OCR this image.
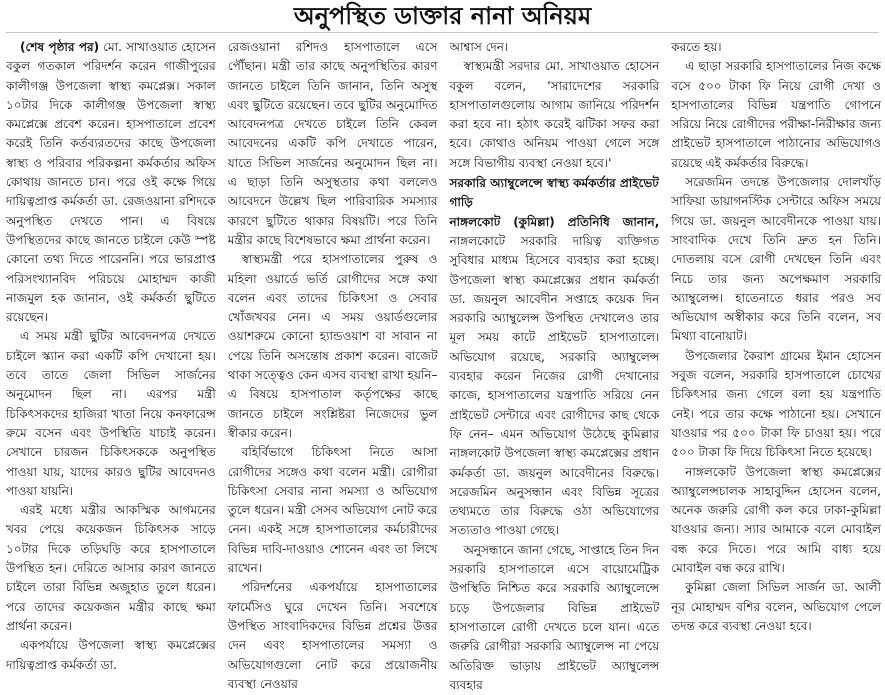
অনুপস্থিত ডাক্তার নানা অনিয়ম

(শেষ পৃষ্ঠার পর) মো. সাখাওয়াত হোসেন বকুল গতকাল পরিদর্শন করেন গাজীপুরের কালীগঞ্জ উপজেলা স্বাস্থ্য কমপ্লেক্স। সকাল ১০টার দিকে কালীগঞ্জ উপজেলা স্বাস্থ্য কমপ্লেক্সে প্রবেশ করেন। হাসপাতালে প্রবেশ করেই তিনি কর্তব্যরতদের কাছে উপজেলা স্বাস্থ্য ও পরিবার পরিকল্পনা কর্মকর্তার অফিস কোথায় জানতে চান। পরে ওই কক্ষে গিয়ে দায়িত্বপ্রাপ্ত কর্মকর্তা ডা. রেজওয়ানা রশিদকে অনুপস্থিত দেখতে পান। এ বিষয়ে উপস্থিতদের কাছে জানতে চাইলে কেউ স্পষ্ট কোনো তথ্য দিতে পারেননি। পরে ভারপ্রাপ্ত পরিসংখ্যানবিদ পরিচয়ে মোহাম্মদ কাজী নাজমুল হক জানান, ওই কর্মকর্তা ছুটিতে রয়েছেন।

এ সময় মন্ত্রী ছুটির আবেদনপত্র দেখতে চাইলে স্ক্যান করা একটি কপি দেখানো হয়। তবে তাতে জেলা সিভিল সার্জনের অনুমোদন ছিল না। এরপর মন্ত্রী চিকিৎসকদের হাজিরা খাতা নিয়ে কনফারেন্স রুমে বসেন এবং উপস্থিতি যাচাই করেন। সেখানে চারজন চিকিৎসককে অনুপস্থিত পাওয়া যায়, যাদের কারও ছুটির আবেদনও পাওয়া যায়নি।

এরই মধ্যে মন্ত্রীর আকস্মিক আগমনের খবর পেয়ে কয়েকজন চিকিৎসক সাড়ে ১০টার দিকে তড়িঘড়ি করে হাসপাতালে উপস্থিত হন। দেরিতে আসার কারণ জানতে চাইলে তারা বিভিন্ন অজুহাত তুলে ধরেন। পরে তাদের কয়েকজন মন্ত্রীর কাছে ক্ষমা প্রার্থনা করেন।

একপর্যায়ে উপজেলা স্বাস্থ্য কমপ্লেক্সের দায়িত্বপ্রাপ্ত কর্মকর্তা ডা.

রেজওয়ানা রশিদও হাসপাতালে এসে পৌঁছান। মন্ত্রী তার কাছে অনুপস্থিতির কারণ জানতে চাইলে তিনি জানান, তিনি অসুস্থ এবং ছুটিতে রয়েছেন। তবে ছুটির অনুমোদিত আবেদনপত্র দেখতে চাইলে তিনি কেবল আবেদনের একটি কপি দেখাতে পারেন, যাতে সিভিল সার্জনের অনুমোদন ছিল না। এ ছাড়া তিনি অসুস্থতার কথা বললেও আবেদনে উল্লেখ ছিল পারিবারিক সমস্যার কারণে ছুটিতে থাকার বিষয়টি। পরে তিনি মন্ত্রীর কাছে বিশেষভাবে ক্ষমা প্রার্থনা করেন।

স্বাস্থ্যমন্ত্রী পরে হাসপাতালের পুরুষ ও মহিলা ওয়ার্ডে ভর্তি রোগীদের সঙ্গে কথা বলেন এবং তাদের চিকিৎসা ও সেবার খোঁজখবর নেন। এ সময় ওয়ার্ডগুলোর ওয়াশরুমে কোনো হ্যান্ডওয়াশ বা সাবান না পেয়ে তিনি অসন্তোষ প্রকাশ করেন। বাজেট থাকা সত্ত্বেও কেন এসব ব্যবস্থা রাখা হয়নি– এ বিষয়ে হাসপাতাল কর্তৃপক্ষের কাছে জানতে চাইলে সংশ্লিষ্টরা নিজেদের ভুল স্বীকার করেন।

বহির্বিভাগে চিকিৎসা নিতে আসা রোগীদের সঙ্গেও কথা বলেন মন্ত্রী। রোগীরা চিকিৎসা সেবার নানা সমস্যা ও অভিযোগ তুলে ধরেন। মন্ত্রী সেসব অভিযোগ নোট করে নেন। একই সঙ্গে হাসপাতালের কর্মচারীদের বিভিন্ন দাবি-দাওয়াও শোনেন এবং তা লিখে রাখেন।

পরিদর্শনের একপর্যায়ে হাসপাতালের ফার্মেসিও ঘুরে দেখেন তিনি। সবশেষে উপস্থিত সাংবাদিকদের বিভিন্ন প্রশ্নের উত্তর দেন এবং হাসপাতালের সমস্যা ও অভিযোগগুলো নোট করে প্রয়োজনীয় ব্যবস্থা নেওয়ার

আশ্বাস দেন।

স্বাস্থ্যমন্ত্রী সরদার মো. সাখাওয়াত হোসেন বকুল বলেন, 'সারাদেশের সরকারি হাসপাতালগুলোয় আগাম জানিয়ে পরিদর্শন করা হবে না। হঠাৎ করেই ঝটিকা সফর করা হবে। কোথাও অনিয়ম পাওয়া গেলে সঙ্গে সঙ্গে বিভাগীয় ব্যবস্থা নেওয়া হবে।'

সরকারি অ্যাম্বুলেন্সে স্বাস্থ্য কর্মকর্তার প্রাইভেট গাড়ি

নাঙ্গলকোট (কুমিল্লা) প্রতিনিধি জানান, নাঙ্গলকোটে সরকারি দায়িত্ব ব্যক্তিগত সুবিধার মাধ্যম হিসেবে ব্যবহার করা হচ্ছে। উপজেলা স্বাস্থ্য কমপ্লেক্সের প্রধান কর্মকর্তা ডা. জয়নুল আবেদীন সপ্তাহে কয়েক দিন সরকারি অ্যাম্বুলেন্স উপস্থিত দেখালেও তার মূল সময় কাটে প্রাইভেট হাসপাতালে। অভিযোগ রয়েছে, সরকারি অ্যাম্বুলেন্স ব্যবহার করেন নিজের রোগী দেখানোর কাজে, হাসপাতালের যন্ত্রপাতি সরিয়ে নেন প্রাইভেট সেন্টারে এবং রোগীদের কাছ থেকে ফি নেন– এমন অভিযোগ উঠেছে কুমিল্লার নাঙ্গলকোট উপজেলা স্বাস্থ্য কমপ্লেক্সের প্রধান কর্মকর্তা ডা. জয়নুল আবেদীনের বিরুদ্ধে। সরেজমিন অনুসন্ধান এবং বিভিন্ন সূত্রের তথ্যমতে তার বিরুদ্ধে ওঠা অভিযোগের সত্যতাও পাওয়া গেছে।

অনুসন্ধানে জানা গেছে, সাপ্তাহে তিন দিন সরকারি হাসপাতালে এসে বায়োমেট্রিক উপস্থিতি নিশ্চিত করে সরকারি অ্যাম্বুলেন্সে চড়ে উপজেলার বিভিন্ন প্রাইভেট হাসপাতালে রোগী দেখতে চলে যান। এতে জরুরি রোগীরা সরকারি অ্যাম্বুলেন্স না পেয়ে অতিরিক্ত ভাড়ায় প্রাইভেট অ্যাম্বুলেন্স ব্যবহার

করতে হয়।

এ ছাড়া সরকারি হাসপাতালের নিজ কক্ষে বসে ৫০০ টাকা ফি নিয়ে রোগী দেখা ও হাসপাতালের বিভিন্ন যন্ত্রপাতি গোপনে সরিয়ে নিয়ে রোগীদের পরীক্ষা-নিরীক্ষার জন্য প্রাইভেট হাসপাতালে পাঠানোর অভিযোগও রয়েছে এই কর্মকর্তার বিরুদ্ধে।

সরেজমিন তদন্তে উপজেলার দোলখাঁড় সাফিয়া ডায়াগনস্টিক সেন্টারে অফিস সময়ে গিয়ে ডা. জয়নুল আবেদীনকে পাওয়া যায়। সাংবাদিক দেখে তিনি দ্রুত হন তিনি। দোতলায় বসে রোগী দেখছেন তিনি এবং নিচে তার জন্য অপেক্ষমাণ সরকারি অ্যাম্বুলেন্স। হাতেনাতে ধরার পরও সব অভিযোগ অস্বীকার করে তিনি বলেন, সব মিথ্যা বানোয়াট।

উপজেলার কৈরাশ গ্রামের ইমান হোসেন সবুজ বলেন, সরকারি হাসপাতালে চোখের চিকিৎসার জন্য গেলে বলা হয় যন্ত্রপাতি নেই। পরে তার কক্ষে পাঠানো হয়। সেখানে যাওয়ার পর ৫০০ টাকা ফি চাওয়া হয়। পরে ৫০০ টাকা ফি দিয়ে চিকিৎসা নিতে হয়েছে।

নাঙ্গলকোট উপজেলা স্বাস্থ্য কমপ্লেক্সের অ্যাম্বুলেন্সচালক সাহাবুদ্দিন হোসেন বলেন, অনেক জরুরি রোগী কল করে ঢাকা-কুমিল্লা যাওয়ার জন্য। স্যার আমাকে বলে মোবাইল বন্ধ করে দিতে। পরে আমি বাধ্য হয়ে মোবাইল বন্ধ করে রাখি।

কুমিল্লা জেলা সিভিল সার্জন ডা. আলী নূর মোহাম্মদ বশির বলেন, অভিযোগ পেলে তদন্ত করে ব্যবস্থা নেওয়া হবে।
